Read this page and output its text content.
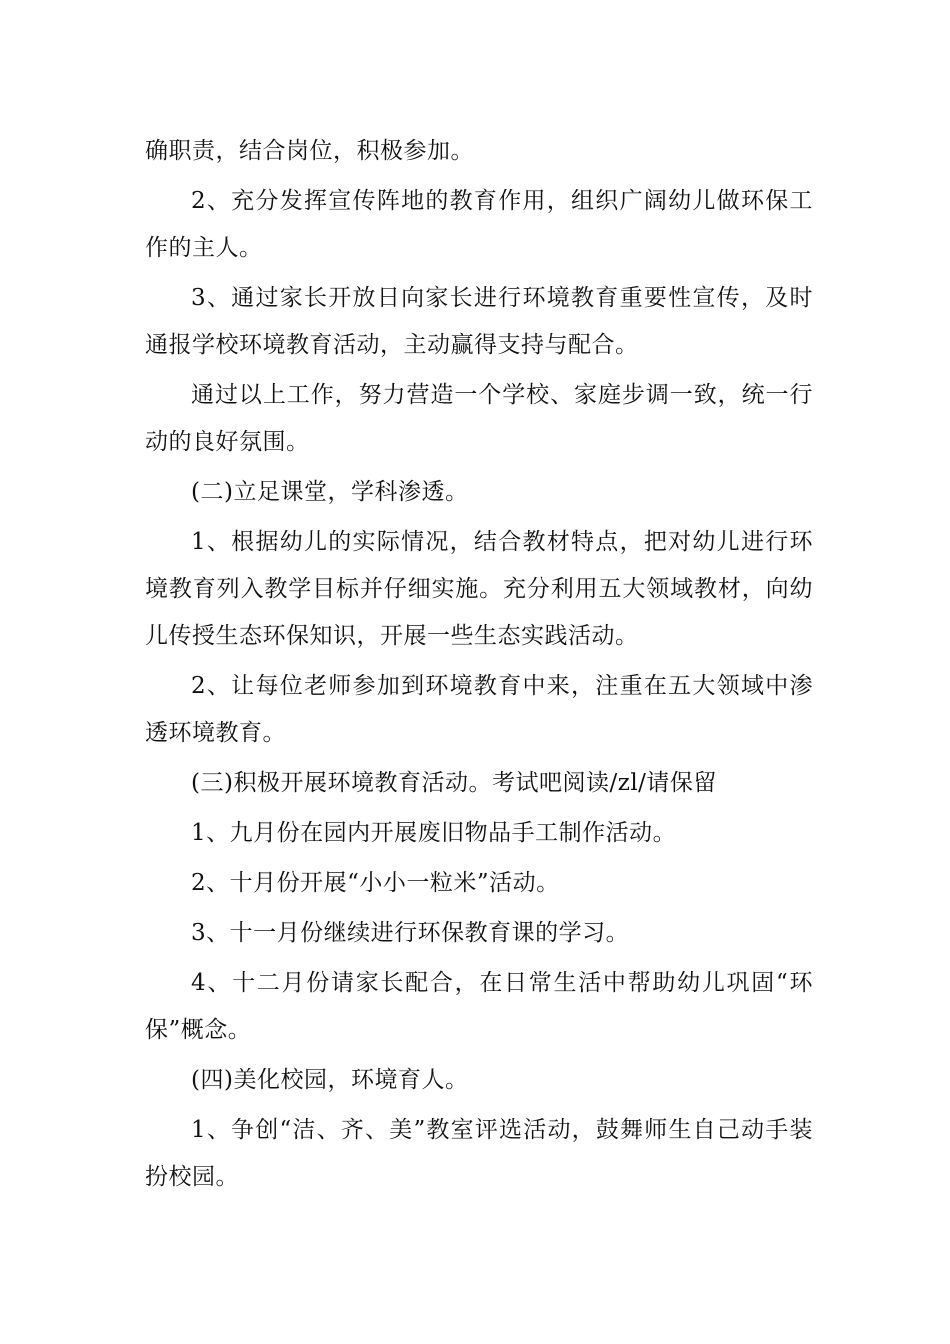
确职责，结合岗位，积极参加。

2、充分发挥宣传阵地的教育作用，组织广阔幼儿做环保工作的主人。

3、通过家长开放日向家长进行环境教育重要性宣传，及时通报学校环境教育活动，主动赢得支持与配合。

通过以上工作，努力营造一个学校、家庭步调一致，统一行动的良好氛围。

(二)立足课堂，学科渗透。

1、根据幼儿的实际情况，结合教材特点，把对幼儿进行环境教育列入教学目标并仔细实施。充分利用五大领域教材，向幼儿传授生态环保知识，开展一些生态实践活动。

2、让每位老师参加到环境教育中来，注重在五大领域中渗透环境教育。

(三)积极开展环境教育活动。考试吧阅读/zl/请保留

1、九月份在园内开展废旧物品手工制作活动。

2、十月份开展“小小一粒米”活动。

3、十一月份继续进行环保教育课的学习。

4、十二月份请家长配合，在日常生活中帮助幼儿巩固“环保”概念。

(四)美化校园，环境育人。

1、争创“洁、齐、美”教室评选活动，鼓舞师生自己动手装扮校园。
